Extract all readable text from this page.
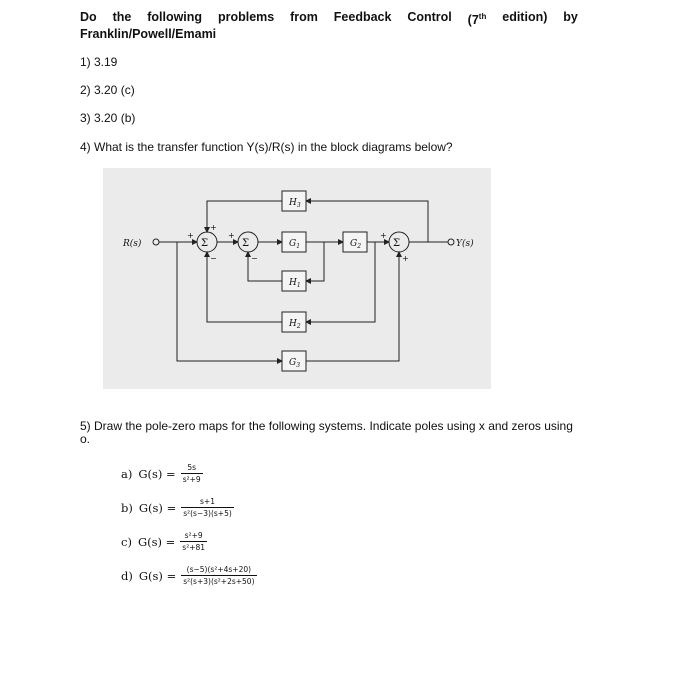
Do the following problems from Feedback Control (7th edition) by
Franklin/Powell/Emami
1) 3.19
2) 3.20 (c)
3) 3.20 (b)
4) What is the transfer function Y(s)/R(s) in the block diagrams below?
Σ	Σ	Σ
R(s)	Y(s)
$H_3$
$G_1$	$G_2$
$H_1$
$H_2$
$G_3$
+
+
−
+
−
+
+
5) Draw the pole-zero maps for the following systems. Indicate poles using x and zeros using o.
a) $G(s) = \frac{5s}{\text{s²+9}}$
b) $G(s) = \frac{s+1}{\text{s²(s−3)(s+5)}}$
c) $G(s) = \frac{\text{s²+9}}{\text{s²+81}}$
d) $G(s) = \frac{\text{(s−5)(s²+4s+20)}}{\text{s²(s+3)(s²+2s+50)}}$
